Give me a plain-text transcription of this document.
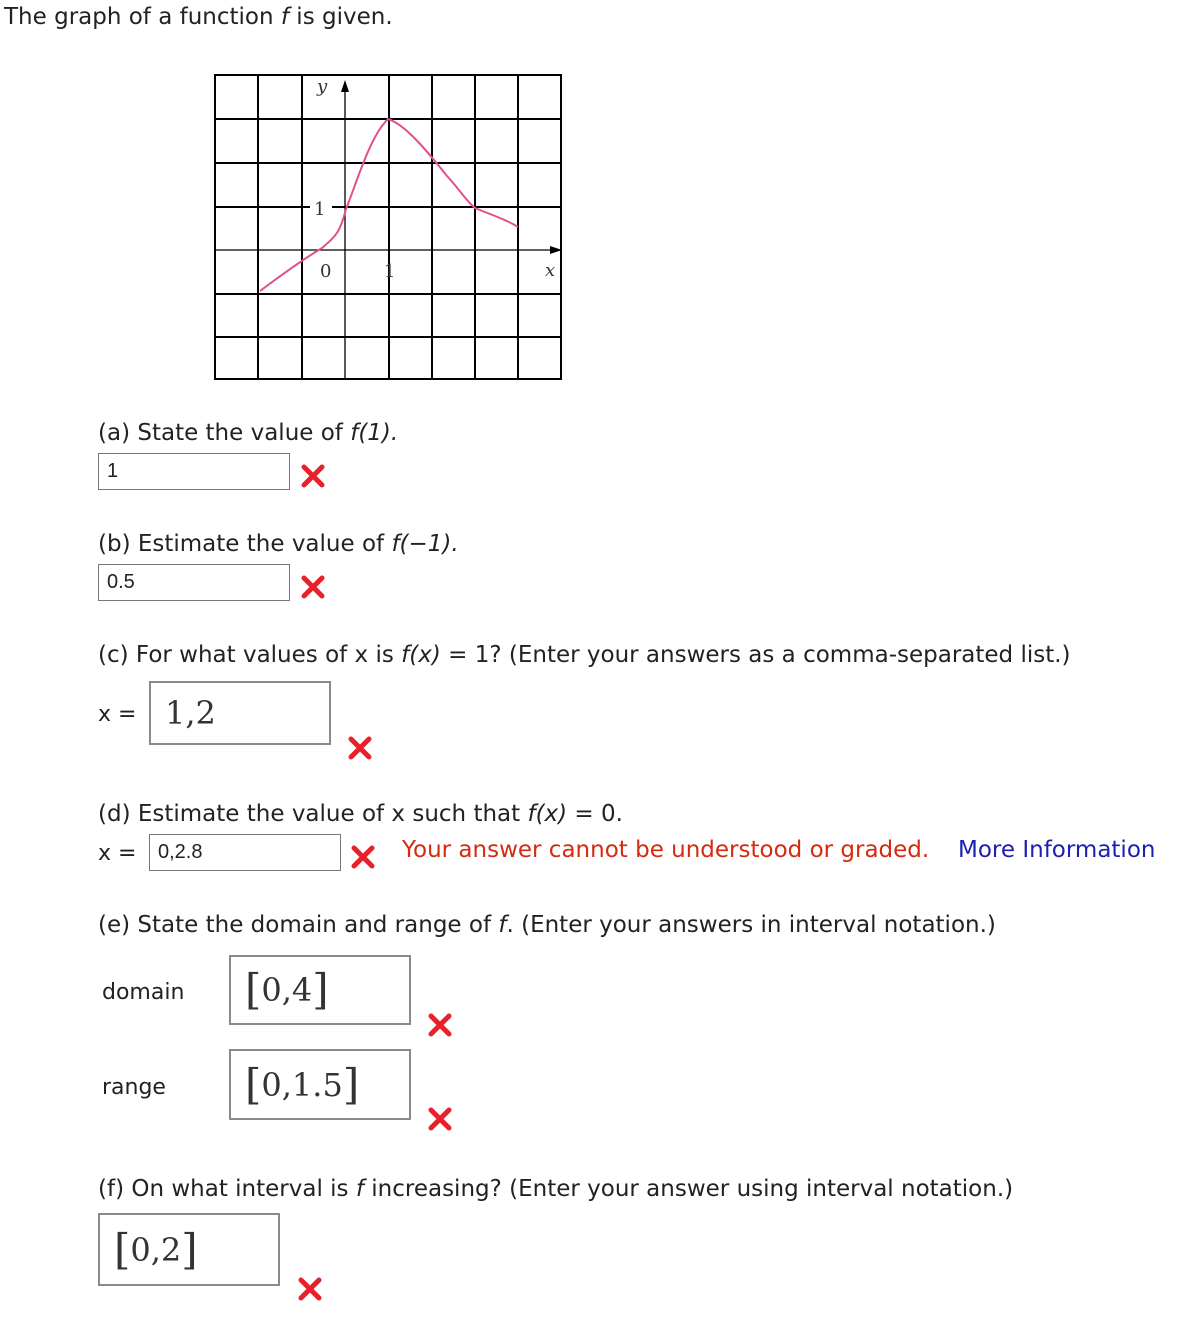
The graph of a function f is given.
y
x
1
0	1
(a) State the value of f(1).
1
(b) Estimate the value of f(−1).
0.5
(c) For what values of x is f(x) = 1? (Enter your answers as a comma-separated list.)
x = 1,2
(d) Estimate the value of x such that f(x) = 0.
x =
0,2.8	Your answer cannot be understood or graded. More Information
(e) State the domain and range of f. (Enter your answers in interval notation.)
domain [ 0,4 ]
range [ 0,1.5 ]
(f) On what interval is f increasing? (Enter your answer using interval notation.)
[ 0,2 ]
